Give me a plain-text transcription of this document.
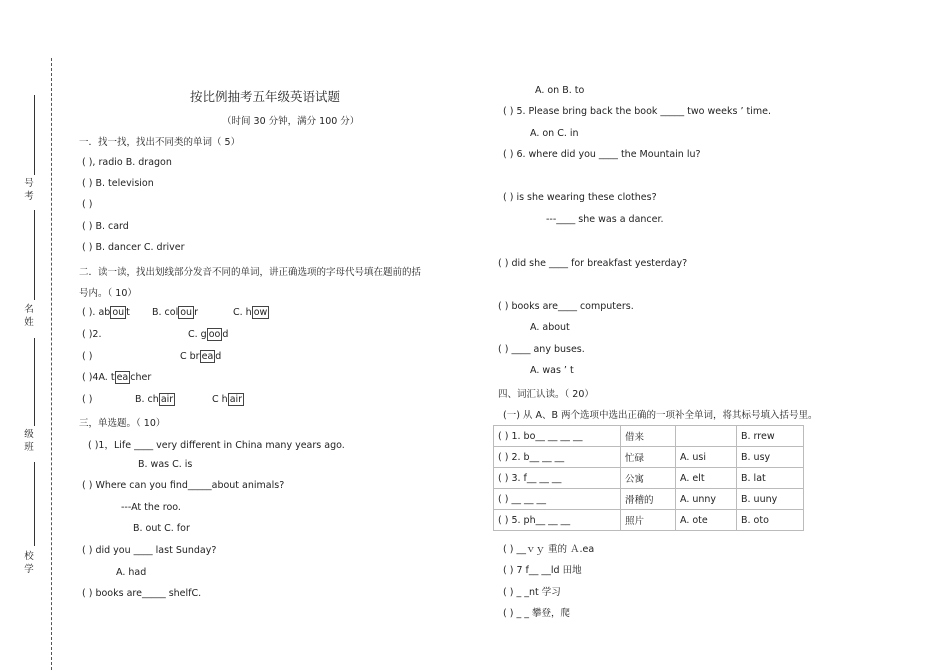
号
考
名
姓
级
班
校
学
按比例抽考五年级英语试题
（时间 30 分钟，满分 100 分）
一．找一找，找出不同类的单词（ 5）
( ), radio B. dragon
( ) B. television
( )
( ) B. card
( ) B. dancer C. driver
二．读一读，找出划线部分发音不同的单词，讲正确选项的字母代号填在题前的括
号内。（ 10）
( ). ab ou t B. col ou r	C. h ow
( )2.	C. g oo d
( )	C br ea d
( )4A. t ea cher
( )	B. ch air	C h air
三，单选题。（ 10）
( )1，Life ____ very different in China many years ago.
B. was C. is
( ) Where can you find_____about animals?
---At the roo.
B. out C. for
( ) did you ____ last Sunday?
A. had
( ) books are_____ shelfC.
A. on B. to
( ) 5. Please bring back the book _____ two weeks ’ time.
A. on C. in
( ) 6. where did you ____ the Mountain lu?
( ) is she wearing these clothes?
---____ she was a dancer.
( ) did she ____ for breakfast yesterday?
( ) books are____ computers.
A. about
( ) ____ any buses.
A. was ’ t
四、词汇认读。（ 20）
(一) 从 A、B 两个选项中选出正确的一项补全单词，将其标号填入括号里。
( ) 1. bo__ __ __ __	借来		B. rrew
( ) 2. b__ __ __	忙碌	A. usi	B. usy
( ) 3. f__ __ __	公寓	A. elt	B. lat
( ) __ __ __	滑稽的	A. unny	B. uuny
( ) 5. ph__ __ __	照片	A. ote	B. oto
( ) __ｖｙ 重的 Ａ.ea
( ) 7 f__ __ld 田地
( ) _ _nt 学习
( ) _ _ 攀登，爬
